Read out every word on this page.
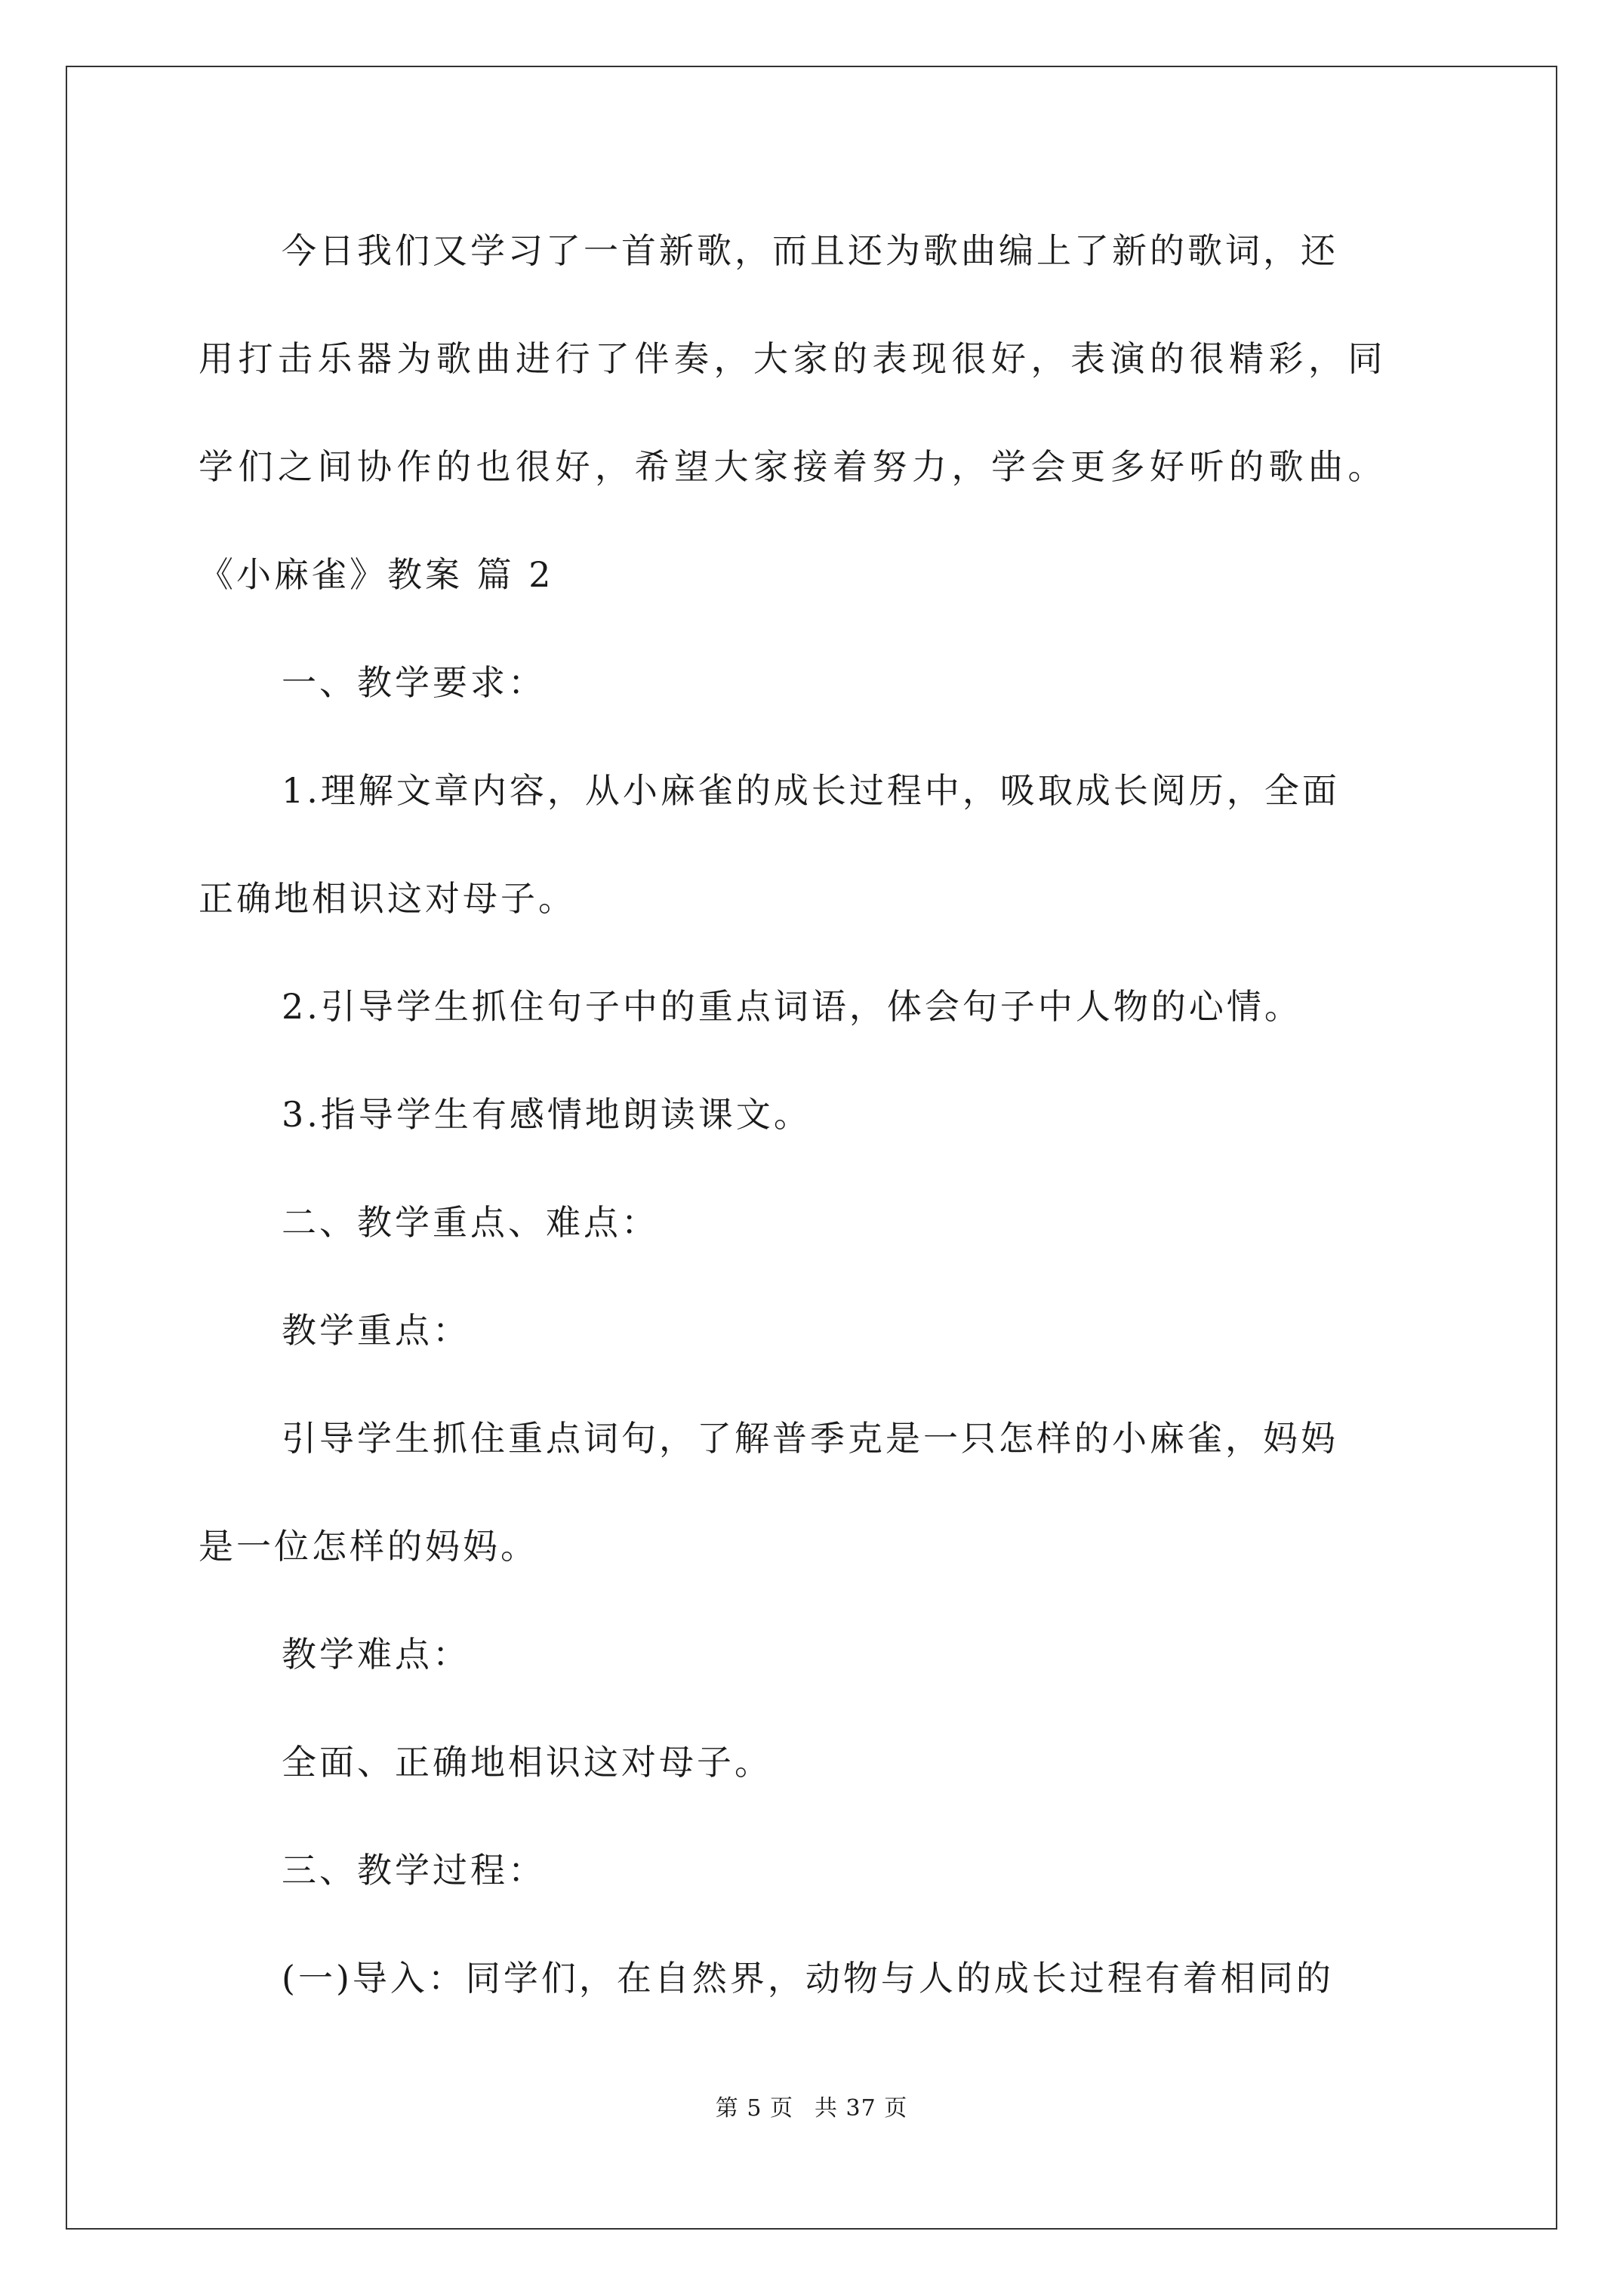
今日我们又学习了一首新歌，而且还为歌曲编上了新的歌词，还
用打击乐器为歌曲进行了伴奏，大家的表现很好，表演的很精彩，同
学们之间协作的也很好，希望大家接着努力，学会更多好听的歌曲。
《小麻雀》教案 篇 2
一、教学要求：
1.理解文章内容，从小麻雀的成长过程中，吸取成长阅历，全面
正确地相识这对母子。
2.引导学生抓住句子中的重点词语，体会句子中人物的心情。
3.指导学生有感情地朗读课文。
二、教学重点、难点：
教学重点：
引导学生抓住重点词句，了解普季克是一只怎样的小麻雀，妈妈
是一位怎样的妈妈。
教学难点：
全面、正确地相识这对母子。
三、教学过程：
(一)导入：同学们，在自然界，动物与人的成长过程有着相同的
第 5 页 共 37 页
